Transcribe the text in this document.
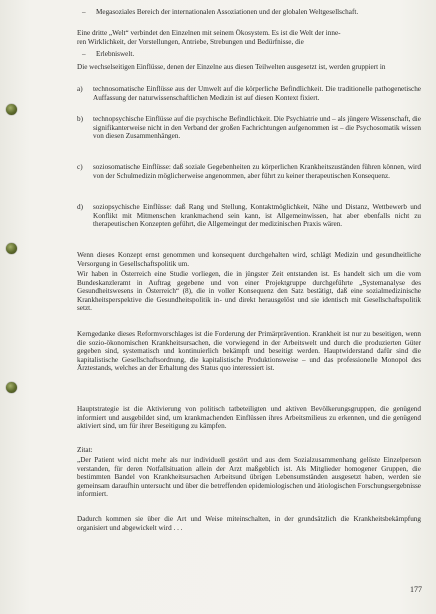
– Megasoziales Bereich der internationalen Assoziationen und der globalen Weltgesellschaft.

Eine dritte „Welt“ verbindet den Einzelnen mit seinem Ökosystem. Es ist die Welt der inne-
ren Wirklichkeit, der Vorstellungen, Antriebe, Strebungen und Bedürfnisse, die

– Erlebniswelt.

Die wechselseitigen Einflüsse, denen der Einzelne aus diesen Teilwelten ausgesetzt ist, werden gruppiert in

a)	technosomatische Einflüsse aus der Umwelt auf die körperliche Befindlichkeit. Die traditionelle pathogenetische Auffassung der naturwissenschaftlichen Medizin ist auf diesen Kontext fixiert.

b)	technopsychische Einflüsse auf die psychische Befindlichkeit. Die Psychiatrie und – als jüngere Wissenschaft, die signifikanterweise nicht in den Verband der großen Fachrichtungen aufgenommen ist – die Psychosomatik wissen von diesen Zusammenhängen.

c)	soziosomatische Einflüsse: daß soziale Gegebenheiten zu körperlichen Krankheitszuständen führen können, wird von der Schulmedizin möglicherweise angenommen, aber führt zu keiner therapeutischen Konsequenz.

d)	soziopsychische Einflüsse: daß Rang und Stellung, Kontaktmöglichkeit, Nähe und Distanz, Wettbewerb und Konflikt mit Mitmenschen krankmachend sein kann, ist Allgemeinwissen, hat aber ebenfalls nicht zu therapeutischen Konzepten geführt, die Allgemeingut der medizinischen Praxis wären.

Wenn dieses Konzept ernst genommen und konsequent durchgehalten wird, schlägt Medizin und gesundheitliche Versorgung in Gesellschaftspolitik um.

Wir haben in Österreich eine Studie vorliegen, die in jüngster Zeit entstanden ist. Es handelt sich um die vom Bundeskanzleramt in Auftrag gegebene und von einer Projektgruppe durchgeführte „Systemanalyse des Gesundheitswesens in Österreich“ (8), die in voller Konsequenz den Satz bestätigt, daß eine sozialmedizinische Krankheitsperspektive die Gesundheitspolitik in- und direkt herausgelöst und sie identisch mit Gesellschaftspolitik setzt.

Kerngedanke dieses Reformvorschlages ist die Forderung der Primärprävention. Krankheit ist nur zu beseitigen, wenn die sozio-ökonomischen Krankheitsursachen, die vorwiegend in der Arbeitswelt und durch die produzierten Güter gegeben sind, systematisch und kontinuierlich bekämpft und beseitigt werden. Hauptwiderstand dafür sind die kapitalistische Gesellschaftsordnung, die kapitalistische Produktionsweise – und das professionelle Monopol des Ärztestands, welches an der Erhaltung des Status quo interessiert ist.

Hauptstrategie ist die Aktivierung von politisch tatbeteiligten und aktiven Bevölkerungsgruppen, die genügend informiert und ausgebildet sind, um krankmachenden Einflüssen ihres Arbeitsmilieus zu erkennen, und die genügend aktiviert sind, um für ihrer Beseitigung zu kämpfen.

Zitat:

„Der Patient wird nicht mehr als nur individuell gestört und aus dem Sozialzusammenhang gelöste Einzelperson verstanden, für deren Notfallsituation allein der Arzt maßgeblich ist. Als Mitglieder homogener Gruppen, die bestimmten Bandel von Krankheitsursachen Arbeitsund übrigen Lebensumständen ausgesetzt haben, werden sie gemeinsam daraufhin untersucht und über die betreffenden epidemiologischen und ätiologischen Forschungsergebnisse informiert.

Dadurch kommen sie über die Art und Weise miteinschalten, in der grundsätzlich die Krankheitsbekämpfung organisiert und abgewickelt wird . . .

177
